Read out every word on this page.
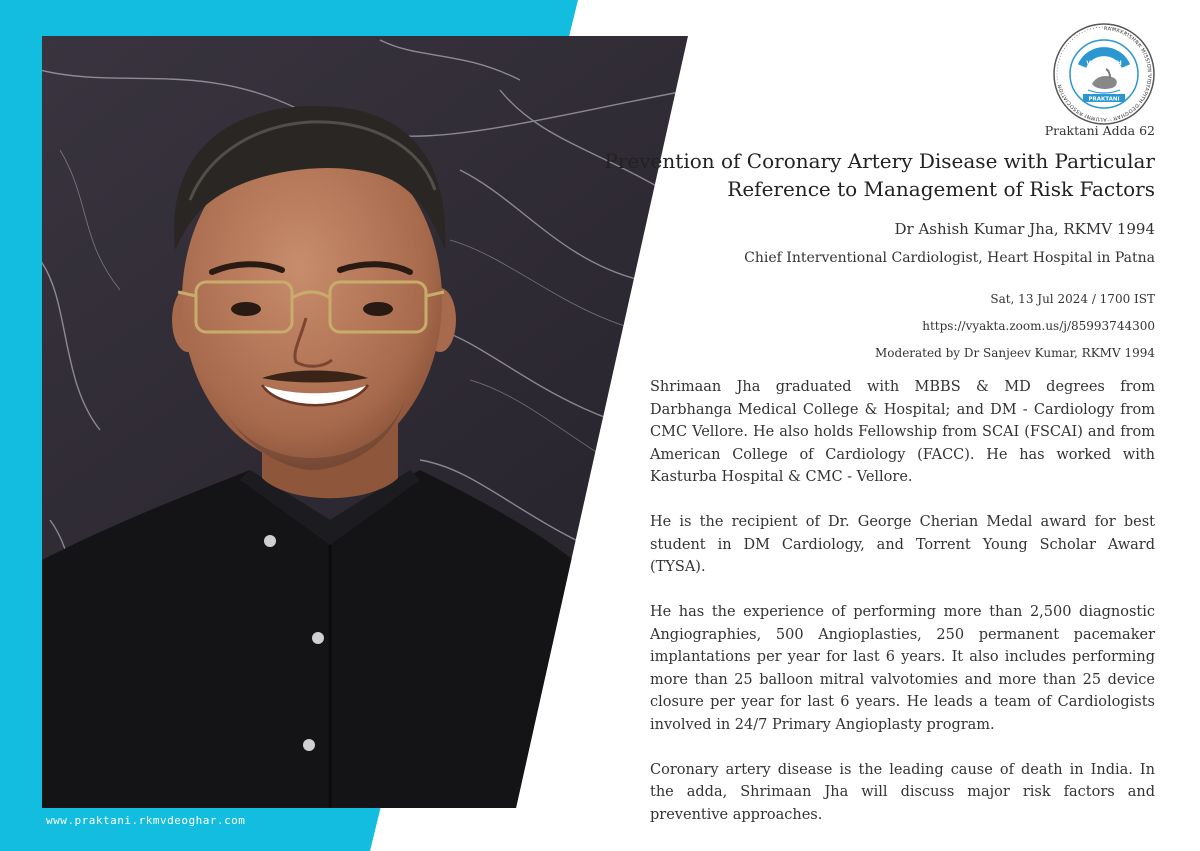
www.praktani.rkmvdeoghar.com
VIDYAPITH
PRAKTANI
RAMAKRISHNA MISSION VIDYAPITH DEOGHAR · ALUMNI ASSOCIATION
Praktani Adda 62
Prevention of Coronary Artery Disease with Particular Reference to Management of Risk Factors
Dr Ashish Kumar Jha, RKMV 1994
Chief Interventional Cardiologist, Heart Hospital in Patna
Sat, 13 Jul 2024 / 1700 IST
https://vyakta.zoom.us/j/85993744300
Moderated by Dr Sanjeev Kumar, RKMV 1994

Shrimaan Jha graduated with MBBS & MD degrees from Darbhanga Medical College & Hospital; and DM - Cardiology from CMC Vellore. He also holds Fellowship from SCAI (FSCAI) and from American College of Cardiology (FACC). He has worked with Kasturba Hospital & CMC - Vellore.

He is the recipient of Dr. George Cherian Medal award for best student in DM Cardiology, and Torrent Young Scholar Award (TYSA).

He has the experience of performing more than 2,500 diagnostic Angiographies, 500 Angioplasties, 250 permanent pacemaker implantations per year for last 6 years. It also includes performing more than 25 balloon mitral valvotomies and more than 25 device closure per year for last 6 years. He leads a team of Cardiologists involved in 24/7 Primary Angioplasty program.

Coronary artery disease is the leading cause of death in India. In the adda, Shrimaan Jha will discuss major risk factors and preventive approaches.
